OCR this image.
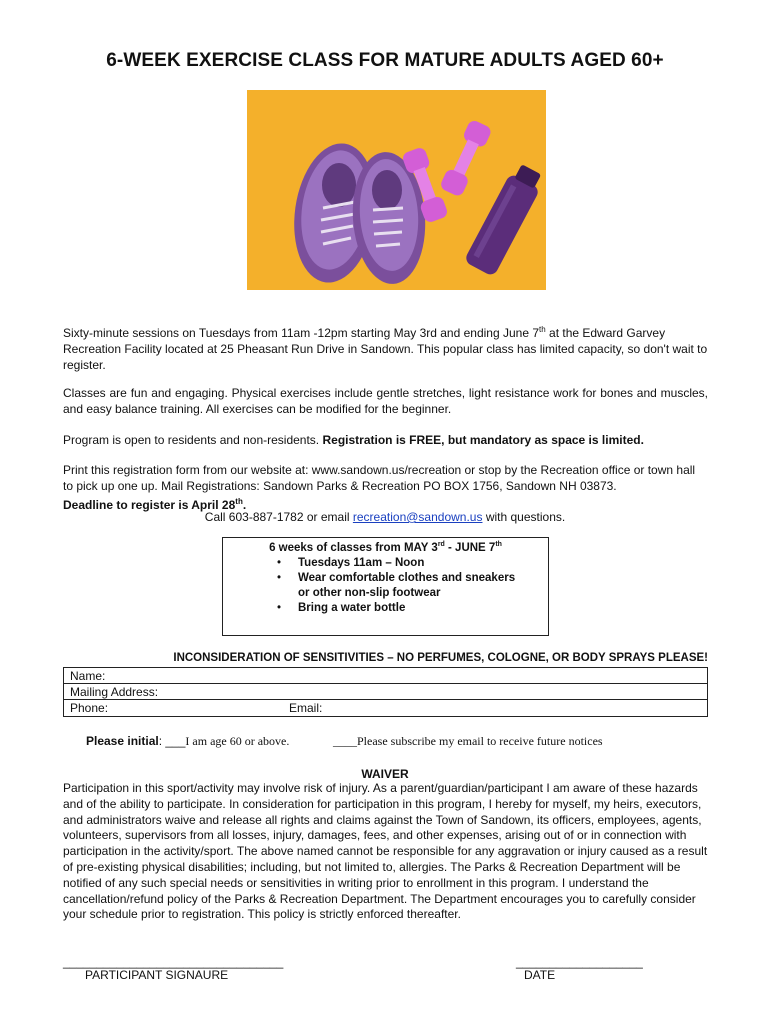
6-WEEK EXERCISE CLASS FOR MATURE ADULTS AGED 60+

Sixty-minute sessions on Tuesdays from 11am -12pm starting May 3rd and ending June 7th at the Edward Garvey Recreation Facility located at 25 Pheasant Run Drive in Sandown. This popular class has limited capacity, so don't wait to register.

Classes are fun and engaging. Physical exercises include gentle stretches, light resistance work for bones and muscles, and easy balance training. All exercises can be modified for the beginner.

Program is open to residents and non-residents. Registration is FREE, but mandatory as space is limited.

Print this registration form from our website at: www.sandown.us/recreation or stop by the Recreation office or town hall to pick up one up. Mail Registrations: Sandown Parks & Recreation PO BOX 1756, Sandown NH 03873.
Deadline to register is April 28th.

Call 603-887-1782 or email recreation@sandown.us with questions.
6 weeks of classes from MAY 3rd - JUNE 7th
• Tuesdays 11am – Noon
• Wear comfortable clothes and sneakers
or other non-slip footwear
• Bring a water bottle
INCONSIDERATION OF SENSITIVITIES – NO PERFUMES, COLOGNE, OR BODY SPRAYS PLEASE!
Name:
Mailing Address:
Phone:	Email:
Please initial: ___I am age 60 or above.	____Please subscribe my email to receive future notices
WAIVER

Participation in this sport/activity may involve risk of injury. As a parent/guardian/participant I am aware of these hazards and of the ability to participate. In consideration for participation in this program, I hereby for myself, my heirs, executors, and administrators waive and release all rights and claims against the Town of Sandown, its officers, employees, agents, volunteers, supervisors from all losses, injury, damages, fees, and other expenses, arising out of or in connection with participation in the activity/sport. The above named cannot be responsible for any aggravation or injury caused as a result of pre-existing physical disabilities; including, but not limited to, allergies. The Parks & Recreation Department will be notified of any such special needs or sensitivities in writing prior to enrollment in this program. I understand the cancellation/refund policy of the Parks & Recreation Department. The Department encourages you to carefully consider your schedule prior to registration. This policy is strictly enforced thereafter.

_________________________________
PARTICIPANT SIGNAURE
___________________
DATE
